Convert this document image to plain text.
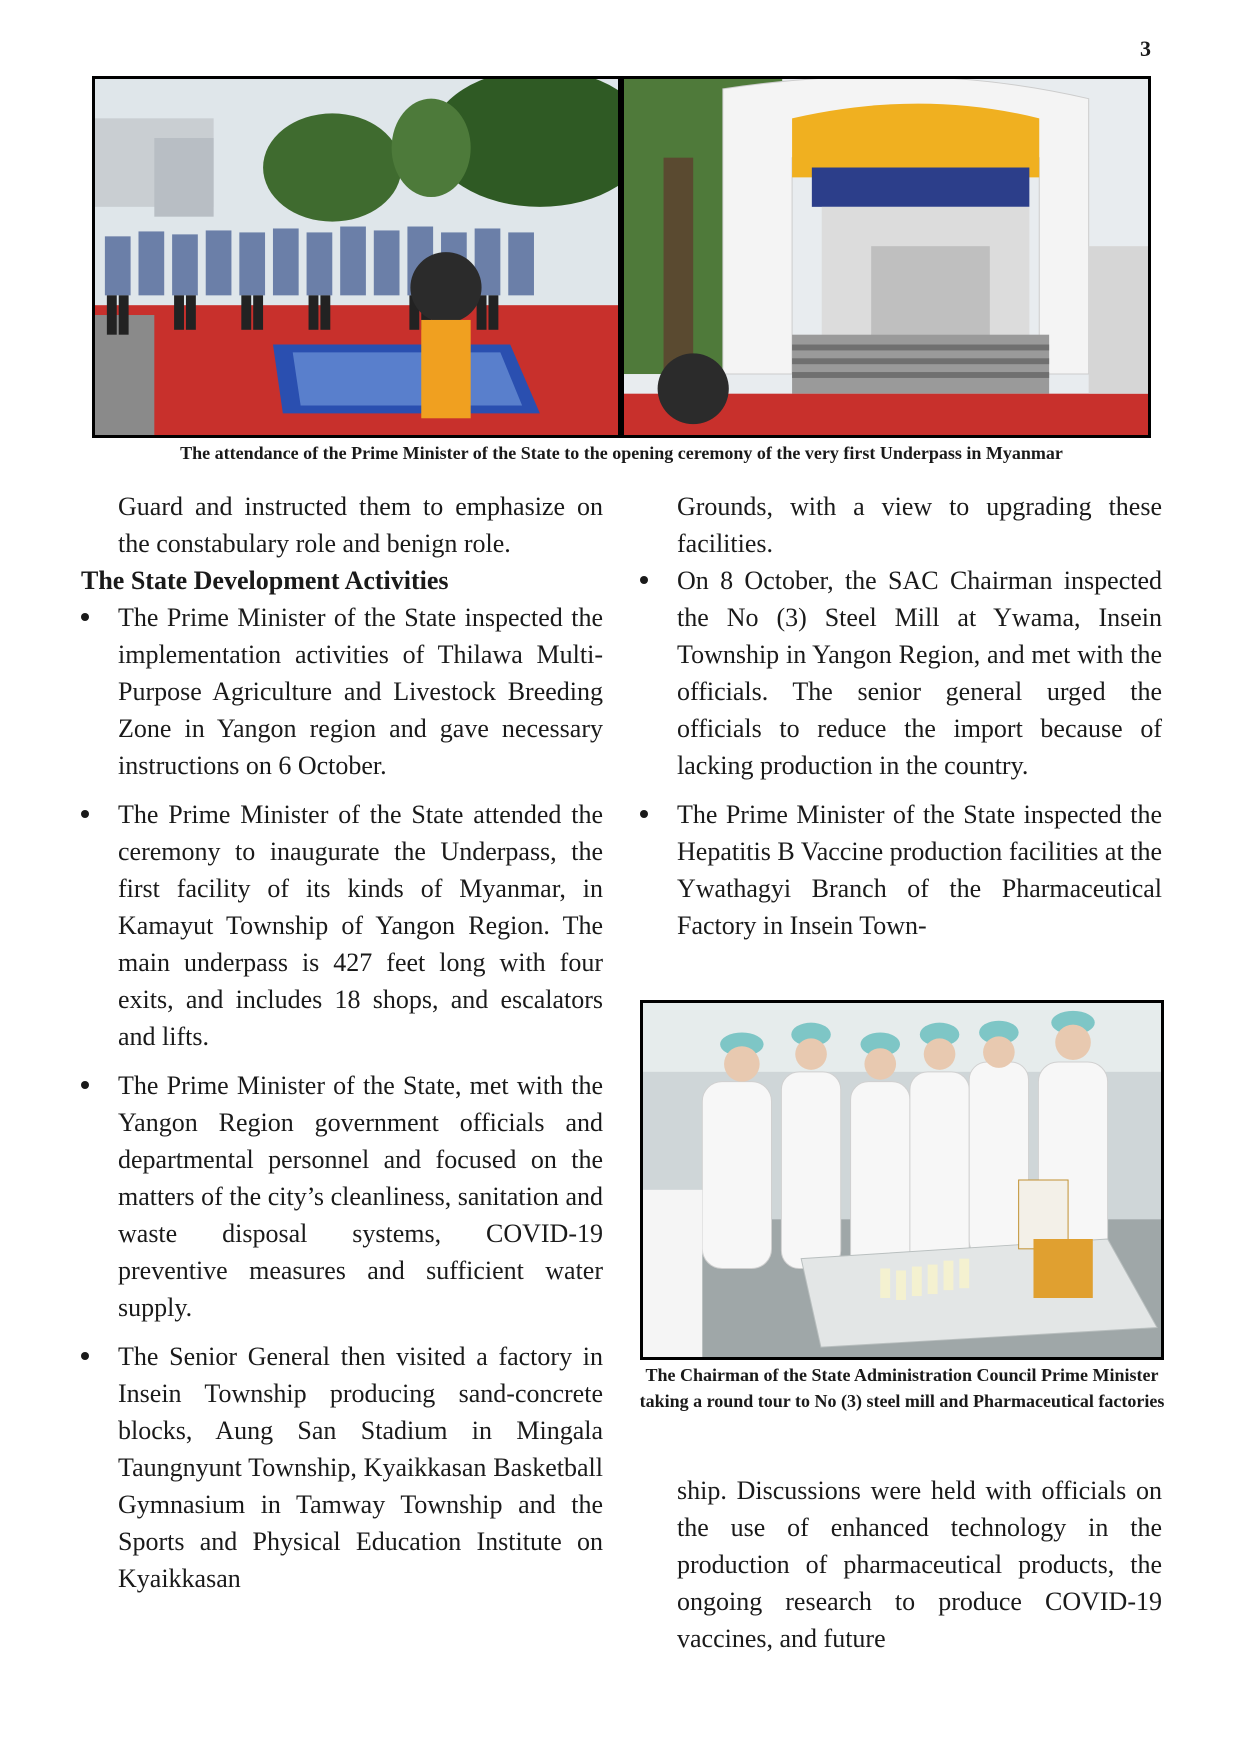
3
The attendance of the Prime Minister of the State to the opening ceremony of the very first Underpass in Myanmar

Guard and instructed them to emphasize on the constabulary role and benign role.

The State Development Activities

The Prime Minister of the State inspected the implementation activities of Thilawa Multi-Purpose Agriculture and Livestock Breeding Zone in Yangon region and gave necessary instructions on 6 October.

The Prime Minister of the State attended the ceremony to inaugurate the Underpass, the first facility of its kinds of Myanmar, in Kamayut Township of Yangon Region. The main underpass is 427 feet long with four exits, and includes 18 shops, and escalators and lifts.

The Prime Minister of the State, met with the Yangon Region government officials and departmental personnel and focused on the matters of the city’s cleanliness, sanitation and waste disposal systems, COVID-19 preventive measures and sufficient water supply.

The Senior General then visited a factory in Insein Township producing sand-concrete blocks, Aung San Stadium in Mingala Taungnyunt Township, Kyaikkasan Basketball Gymnasium in Tamway Township and the Sports and Physical Education Institute on Kyaikkasan

Grounds, with a view to upgrading these facilities.

On 8 October, the SAC Chairman inspected the No (3) Steel Mill at Ywama, Insein Township in Yangon Region, and met with the officials. The senior general urged the officials to reduce the import because of lacking production in the country.

The Prime Minister of the State inspected the Hepatitis B Vaccine production facilities at the Ywathagyi Branch of the Pharmaceutical Factory in Insein Town-

The Chairman of the State Administration Council Prime Minister taking a round tour to No (3) steel mill and Pharmaceutical factories

ship. Discussions were held with officials on the use of enhanced technology in the production of pharmaceutical products, the ongoing research to produce COVID-19 vaccines, and future
